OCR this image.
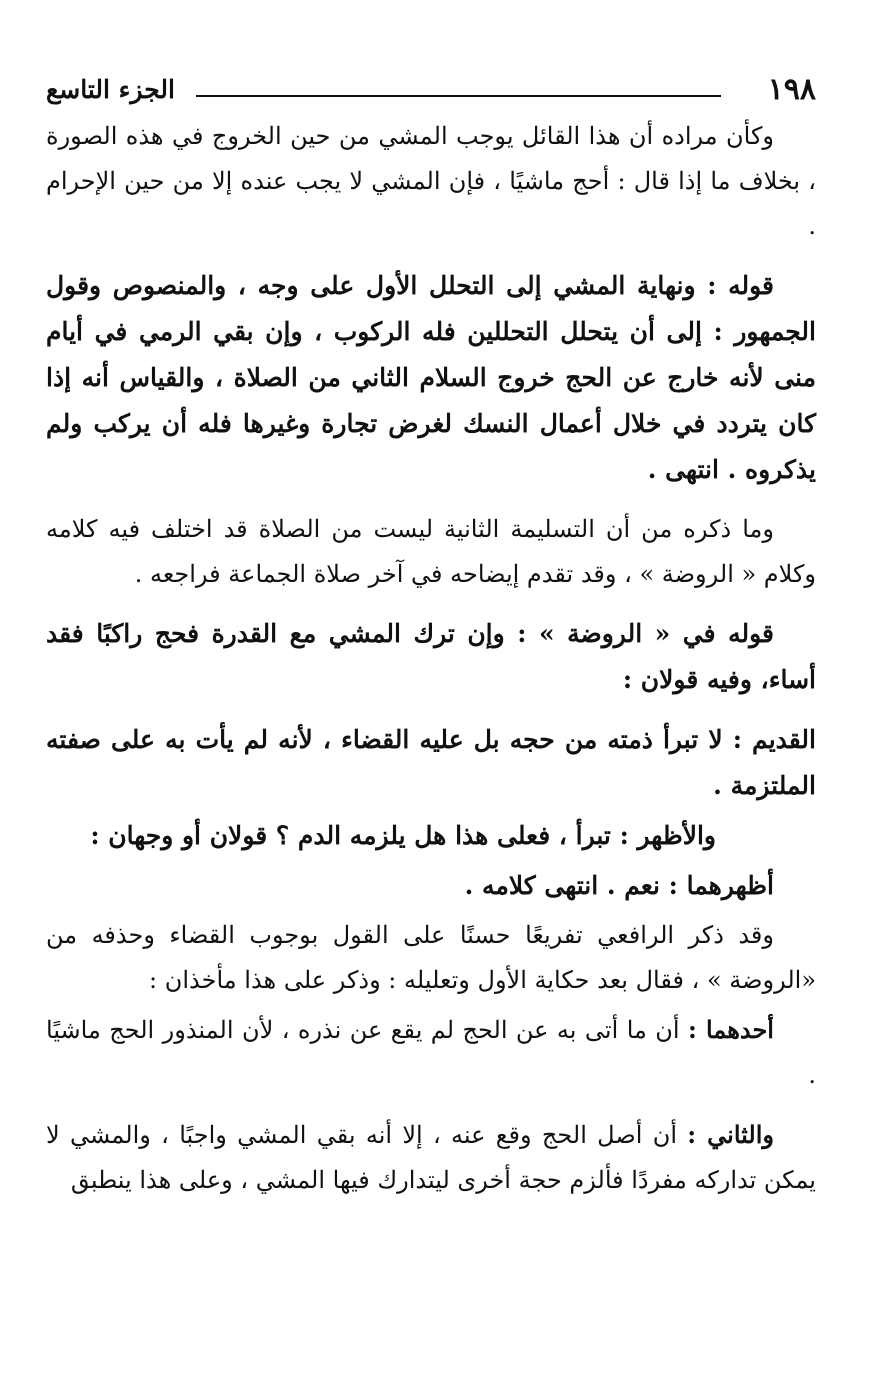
١٩٨
الجزء التاسع

وكأن مراده أن هذا القائل يوجب المشي من حين الخروج في هذه الصورة ، بخلاف ما إذا قال : أحج ماشيًا ، فإن المشي لا يجب عنده إلا من حين الإحرام .

قوله : ونهاية المشي إلى التحلل الأول على وجه ، والمنصوص وقول الجمهور : إلى أن يتحلل التحللين فله الركوب ، وإن بقي الرمي في أيام منى لأنه خارج عن الحج خروج السلام الثاني من الصلاة ، والقياس أنه إذا كان يتردد في خلال أعمال النسك لغرض تجارة وغيرها فله أن يركب ولم يذكروه . انتهى .

وما ذكره من أن التسليمة الثانية ليست من الصلاة قد اختلف فيه كلامه وكلام « الروضة » ، وقد تقدم إيضاحه في آخر صلاة الجماعة فراجعه .

قوله في « الروضة » : وإن ترك المشي مع القدرة فحج راكبًا فقد أساء، وفيه قولان :

القديم : لا تبرأ ذمته من حجه بل عليه القضاء ، لأنه لم يأت به على صفته الملتزمة .

والأظهر : تبرأ ، فعلى هذا هل يلزمه الدم ؟ قولان أو وجهان :

أظهرهما : نعم . انتهى كلامه .

وقد ذكر الرافعي تفريعًا حسنًا على القول بوجوب القضاء وحذفه من «الروضة » ، فقال بعد حكاية الأول وتعليله : وذكر على هذا مأخذان :

أحدهما : أن ما أتى به عن الحج لم يقع عن نذره ، لأن المنذور الحج ماشيًا .

والثاني : أن أصل الحج وقع عنه ، إلا أنه بقي المشي واجبًا ، والمشي لا يمكن تداركه مفردًا فألزم حجة أخرى ليتدارك فيها المشي ، وعلى هذا ينطبق
